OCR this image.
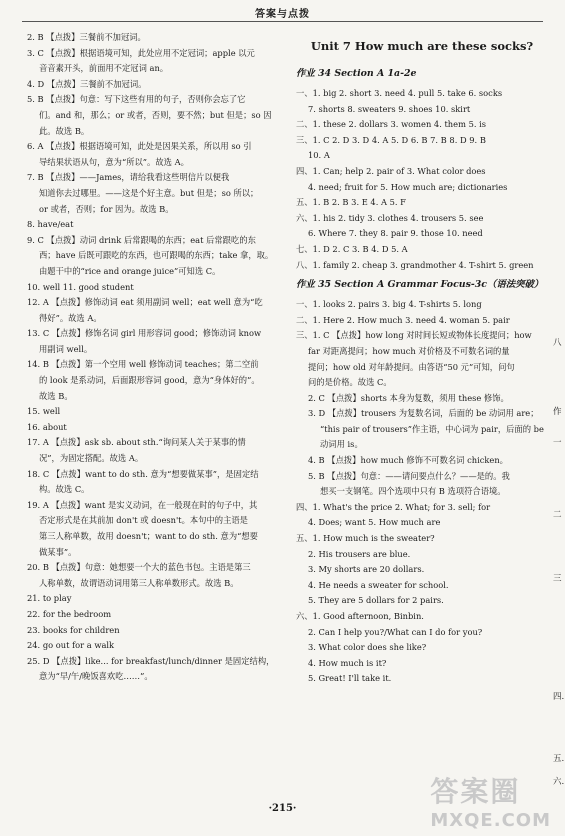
答案与点拨
2. B 【点拨】三餐前不加冠词。
3. C 【点拨】根据语境可知，此处应用不定冠词；apple 以元
音音素开头，前面用不定冠词 an。
4. D 【点拨】三餐前不加冠词。
5. B 【点拨】句意：写下这些有用的句子，否则你会忘了它
们。and 和，那么；or 或者，否则，要不然；but 但是；so 因
此。故选 B。
6. A 【点拨】根据语境可知，此处是因果关系，所以用 so 引
导结果状语从句，意为“所以”。故选 A。
7. B 【点拨】——James，请给我看这些明信片以便我
知道你去过哪里。——这是个好主意。but 但是；so 所以；
or 或者，否则；for 因为。故选 B。
8. have/eat
9. C 【点拨】动词 drink 后常跟喝的东西；eat 后常跟吃的东
西；have 后既可跟吃的东西，也可跟喝的东西；take 拿，取。
由题干中的“rice and orange juice”可知选 C。
10. well 11. good student
12. A 【点拨】修饰动词 eat 须用副词 well；eat well 意为“吃
得好”。故选 A。
13. C 【点拨】修饰名词 girl 用形容词 good；修饰动词 know
用副词 well。
14. B 【点拨】第一个空用 well 修饰动词 teaches；第二空前
的 look 是系动词，后面跟形容词 good，意为“身体好的”。
故选 B。
15. well
16. about
17. A 【点拨】ask sb. about sth.“询问某人关于某事的情
况”，为固定搭配。故选 A。
18. C 【点拨】want to do sth. 意为“想要做某事”，是固定结
构。故选 C。
19. A 【点拨】want 是实义动词，在一般现在时的句子中，其
否定形式是在其前加 don't 或 doesn't。本句中的主语是
第三人称单数，故用 doesn't；want to do sth. 意为“想要
做某事”。
20. B 【点拨】句意：她想要一个大的蓝色书包。主语是第三
人称单数，故谓语动词用第三人称单数形式。故选 B。
21. to play
22. for the bedroom
23. books for children
24. go out for a walk
25. D 【点拨】like... for breakfast/lunch/dinner 是固定结构，
意为“早/午/晚饭喜欢吃……”。
Unit 7 How much are these socks?
作业 34 Section A 1a-2e
一、1. big 2. short 3. need 4. pull 5. take 6. socks
7. shorts 8. sweaters 9. shoes 10. skirt
二、1. these 2. dollars 3. women 4. them 5. is
三、1. C 2. D 3. D 4. A 5. D 6. B 7. B 8. D 9. B
10. A
四、1. Can; help 2. pair of 3. What color does
4. need; fruit for 5. How much are; dictionaries
五、1. B 2. B 3. E 4. A 5. F
六、1. his 2. tidy 3. clothes 4. trousers 5. see
6. Where 7. they 8. pair 9. those 10. need
七、1. D 2. C 3. B 4. D 5. A
八、1. family 2. cheap 3. grandmother 4. T-shirt 5. green
作业 35 Section A Grammar Focus-3c（语法突破）
一、1. looks 2. pairs 3. big 4. T-shirts 5. long
二、1. Here 2. How much 3. need 4. woman 5. pair
三、1. C 【点拨】how long 对时间长短或物体长度提问；how
far 对距离提问；how much 对价格及不可数名词的量
提问；how old 对年龄提问。由答语“50 元”可知，问句
问的是价格。故选 C。
2. C 【点拨】shorts 本身为复数，须用 these 修饰。
3. D 【点拨】trousers 为复数名词，后面的 be 动词用 are；
“this pair of trousers”作主语，中心词为 pair，后面的 be
动词用 is。
4. B 【点拨】how much 修饰不可数名词 chicken。
5. B 【点拨】句意：——请问要点什么？——是的。我
想买一支钢笔。四个选项中只有 B 选项符合语境。
四、1. What's the price 2. What; for 3. sell; for
4. Does; want 5. How much are
五、1. How much is the sweater?
2. His trousers are blue.
3. My shorts are 20 dollars.
4. He needs a sweater for school.
5. They are 5 dollars for 2 pairs.
六、1. Good afternoon, Binbin.
2. Can I help you?/What can I do for you?
3. What color does she like?
4. How much is it?
5. Great! I'll take it.
八
作
一
二
三
四.
五.
六.
·215·
答案圈
MXQE.COM
